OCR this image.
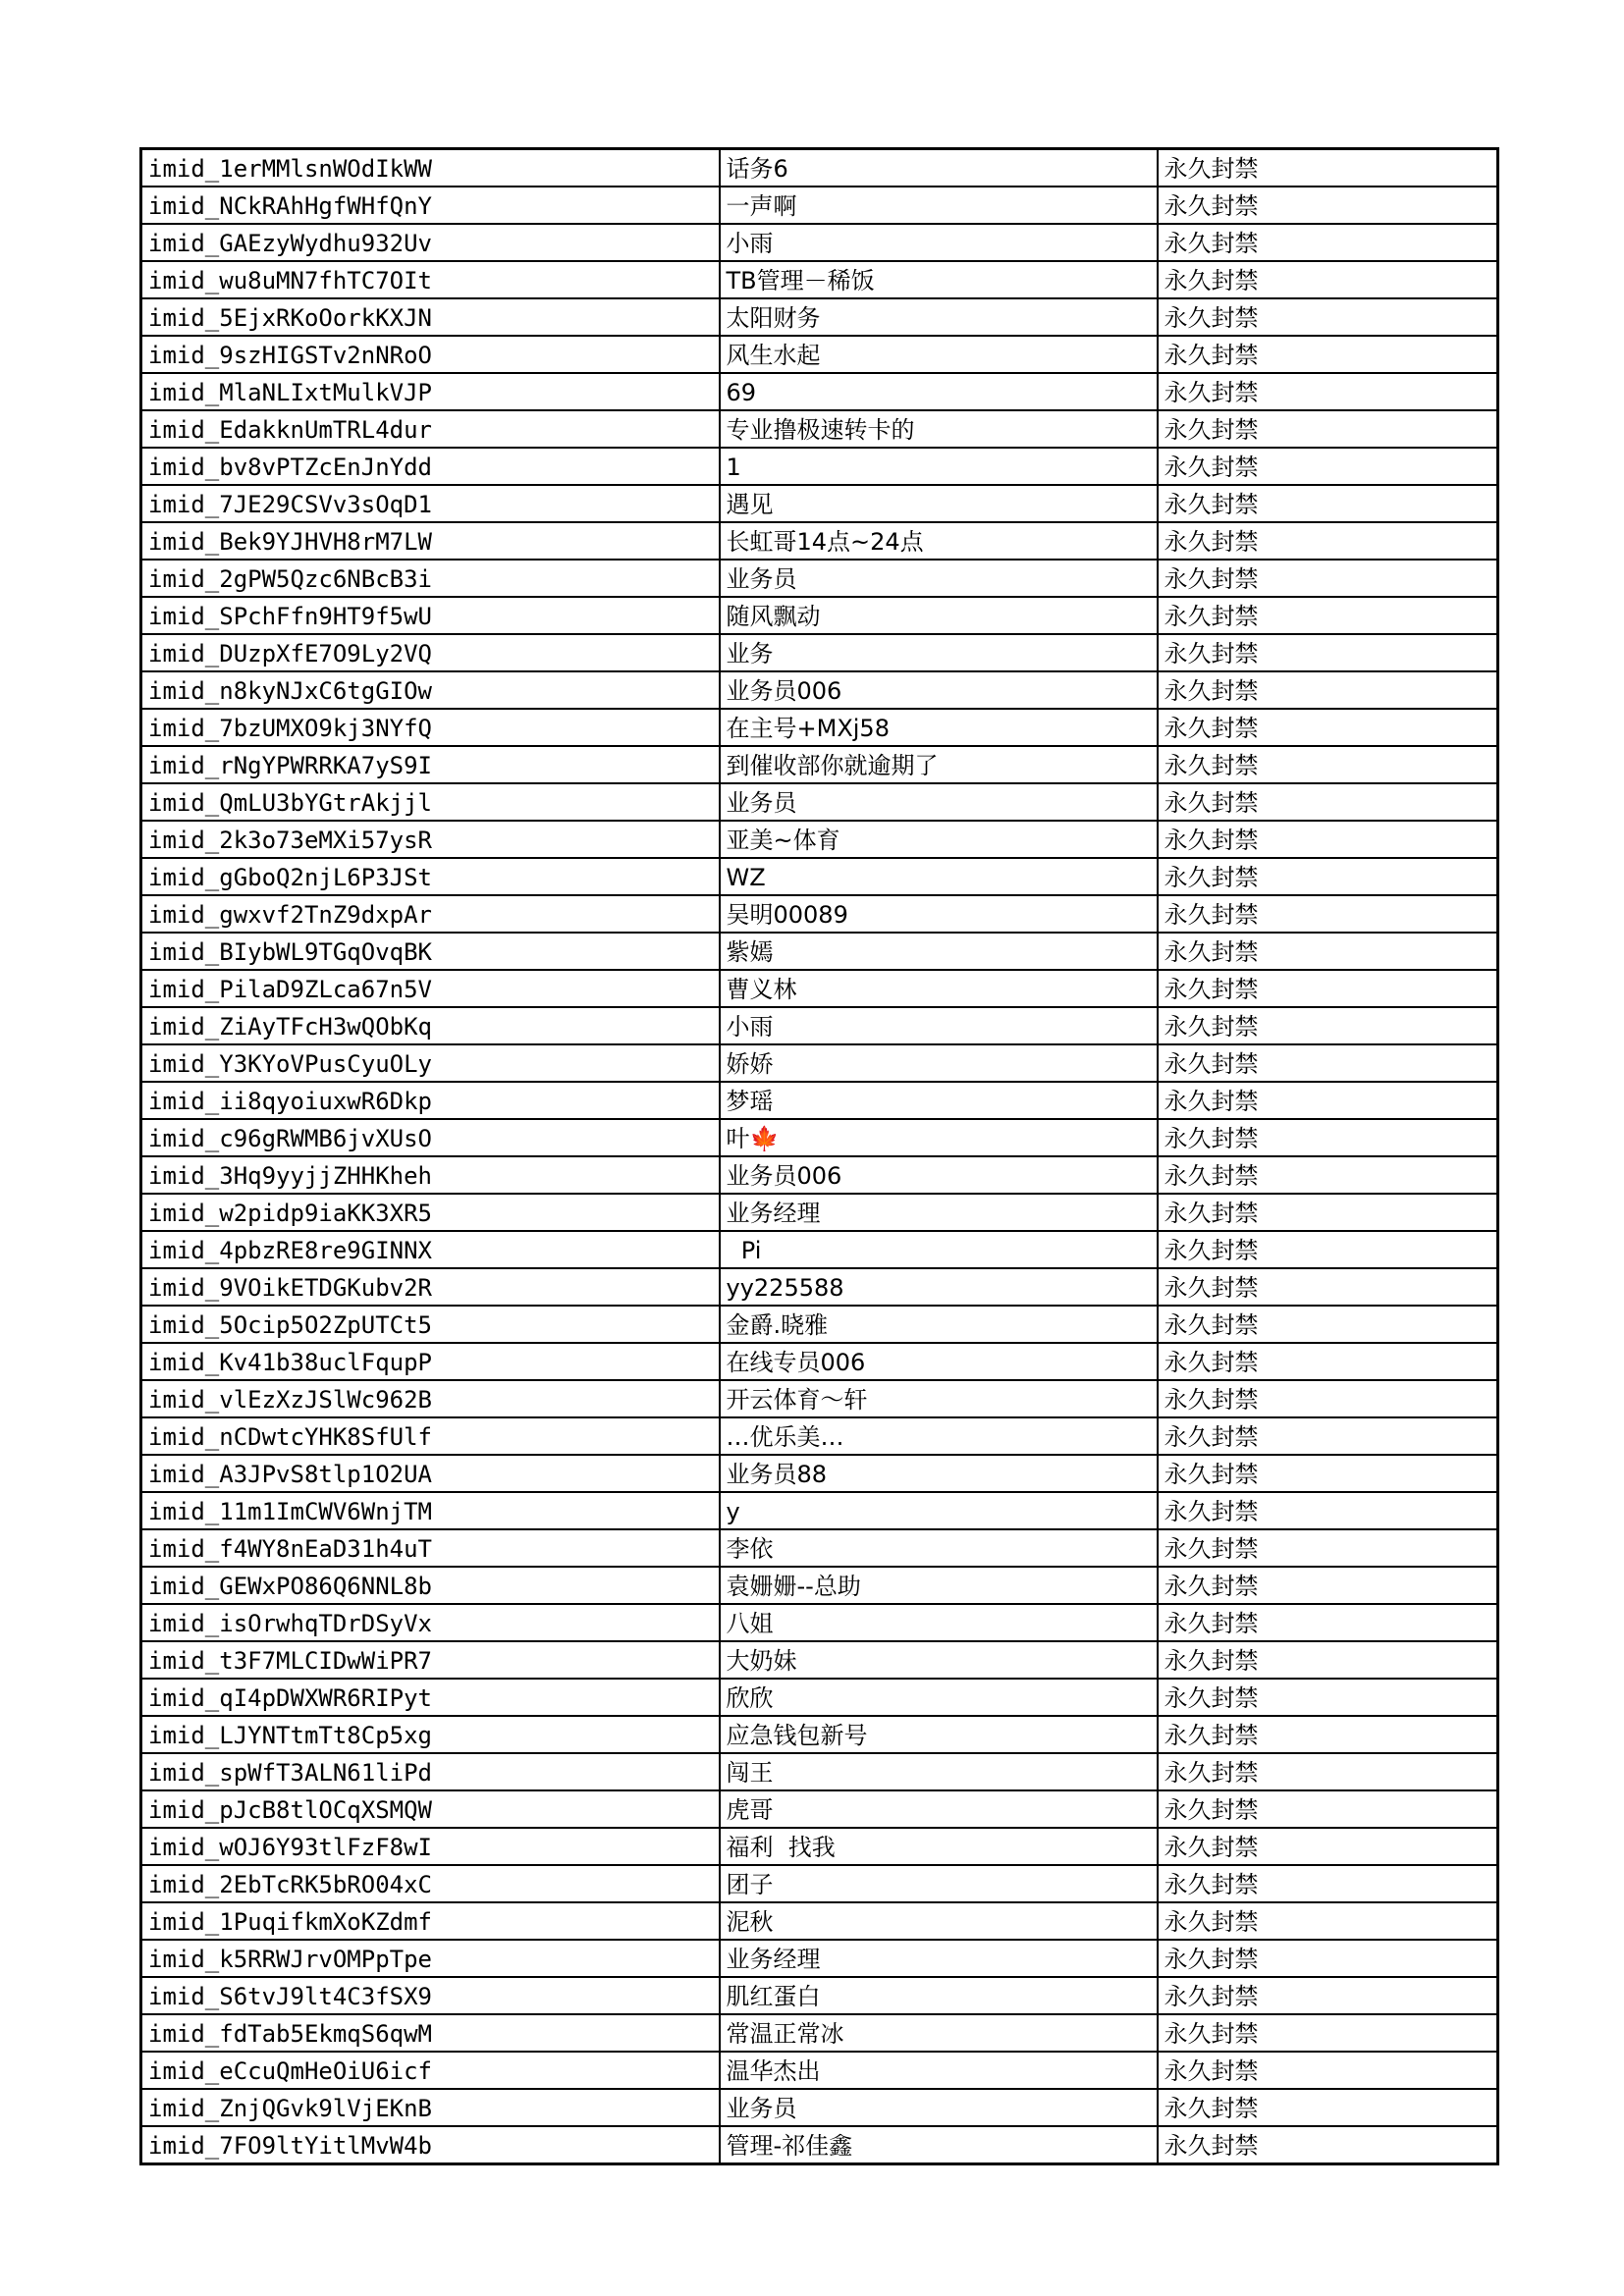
imid_1erMMlsnWOdIkWW	话务6	永久封禁
imid_NCkRAhHgfWHfQnY	一声啊	永久封禁
imid_GAEzyWydhu932Uv	小雨	永久封禁
imid_wu8uMN7fhTC7OIt	TB管理－稀饭	永久封禁
imid_5EjxRKoOorkKXJN	太阳财务	永久封禁
imid_9szHIGSTv2nNRoO	风生水起	永久封禁
imid_MlaNLIxtMulkVJP	69	永久封禁
imid_EdakknUmTRL4dur	专业撸极速转卡的	永久封禁
imid_bv8vPTZcEnJnYdd	1	永久封禁
imid_7JE29CSVv3sOqD1	遇见	永久封禁
imid_Bek9YJHVH8rM7LW	长虹哥14点~24点	永久封禁
imid_2gPW5Qzc6NBcB3i	业务员	永久封禁
imid_SPchFfn9HT9f5wU	随风飘动	永久封禁
imid_DUzpXfE7O9Ly2VQ	业务	永久封禁
imid_n8kyNJxC6tgGIOw	业务员006	永久封禁
imid_7bzUMXO9kj3NYfQ	在主号+MXj58	永久封禁
imid_rNgYPWRRKA7yS9I	到催收部你就逾期了	永久封禁
imid_QmLU3bYGtrAkjjl	业务员	永久封禁
imid_2k3o73eMXi57ysR	亚美~体育	永久封禁
imid_gGboQ2njL6P3JSt	WZ	永久封禁
imid_gwxvf2TnZ9dxpAr	吴明00089	永久封禁
imid_BIybWL9TGqOvqBK	紫嫣	永久封禁
imid_PilaD9ZLca67n5V	曹义林	永久封禁
imid_ZiAyTFcH3wQObKq	小雨	永久封禁
imid_Y3KYoVPusCyuOLy	娇娇	永久封禁
imid_ii8qyoiuxwR6Dkp	梦瑶	永久封禁
imid_c96gRWMB6jvXUsO	叶🍁	永久封禁
imid_3Hq9yyjjZHHKheh	业务员006	永久封禁
imid_w2pidp9iaKK3XR5	业务经理	永久封禁
imid_4pbzRE8re9GINNX	Pi	永久封禁
imid_9VOikETDGKubv2R	yy225588	永久封禁
imid_5Ocip5O2ZpUTCt5	金爵.晓雅	永久封禁
imid_Kv41b38uclFqupP	在线专员006	永久封禁
imid_vlEzXzJSlWc962B	开云体育～轩	永久封禁
imid_nCDwtcYHK8SfUlf	…优乐美…	永久封禁
imid_A3JPvS8tlp1O2UA	业务员88	永久封禁
imid_11m1ImCWV6WnjTM	y	永久封禁
imid_f4WY8nEaD31h4uT	李依	永久封禁
imid_GEWxPO86Q6NNL8b	袁姗姗--总助	永久封禁
imid_isOrwhqTDrDSyVx	八姐	永久封禁
imid_t3F7MLCIDwWiPR7	大奶妹	永久封禁
imid_qI4pDWXWR6RIPyt	欣欣	永久封禁
imid_LJYNTtmTt8Cp5xg	应急钱包新号	永久封禁
imid_spWfT3ALN61liPd	闯王	永久封禁
imid_pJcB8tlOCqXSMQW	虎哥	永久封禁
imid_wOJ6Y93tlFzF8wI	福利  找我	永久封禁
imid_2EbTcRK5bRO04xC	团子	永久封禁
imid_1PuqifkmXoKZdmf	泥秋	永久封禁
imid_k5RRWJrvOMPpTpe	业务经理	永久封禁
imid_S6tvJ9lt4C3fSX9	肌红蛋白	永久封禁
imid_fdTab5EkmqS6qwM	常温正常冰	永久封禁
imid_eCcuQmHeOiU6icf	温华杰出	永久封禁
imid_ZnjQGvk9lVjEKnB	业务员	永久封禁
imid_7FO9ltYitlMvW4b	管理-祁佳鑫	永久封禁
